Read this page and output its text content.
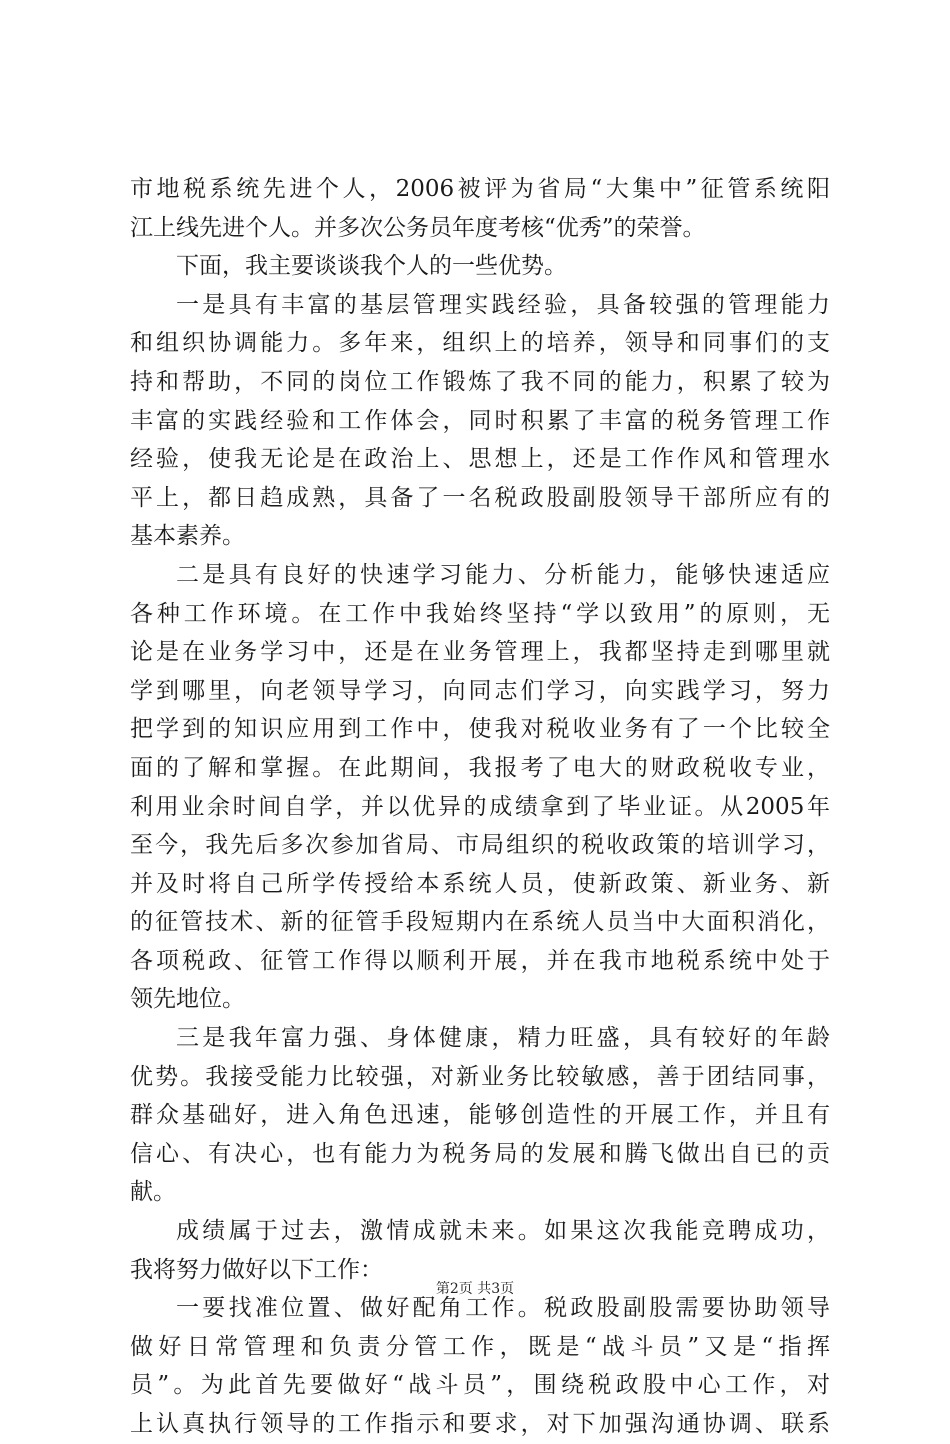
市地税系统先进个人，2006被评为省局“大集中”征管系统阳
江上线先进个人。并多次公务员年度考核“优秀”的荣誉。
下面，我主要谈谈我个人的一些优势。
一是具有丰富的基层管理实践经验，具备较强的管理能力
和组织协调能力。多年来，组织上的培养，领导和同事们的支
持和帮助，不同的岗位工作锻炼了我不同的能力，积累了较为
丰富的实践经验和工作体会，同时积累了丰富的税务管理工作
经验，使我无论是在政治上、思想上，还是工作作风和管理水
平上，都日趋成熟，具备了一名税政股副股领导干部所应有的
基本素养。
二是具有良好的快速学习能力、分析能力，能够快速适应
各种工作环境。在工作中我始终坚持“学以致用”的原则，无
论是在业务学习中，还是在业务管理上，我都坚持走到哪里就
学到哪里，向老领导学习，向同志们学习，向实践学习，努力
把学到的知识应用到工作中，使我对税收业务有了一个比较全
面的了解和掌握。在此期间，我报考了电大的财政税收专业，
利用业余时间自学，并以优异的成绩拿到了毕业证。从2005年
至今，我先后多次参加省局、市局组织的税收政策的培训学习，
并及时将自己所学传授给本系统人员，使新政策、新业务、新
的征管技术、新的征管手段短期内在系统人员当中大面积消化，
各项税政、征管工作得以顺利开展，并在我市地税系统中处于
领先地位。
三是我年富力强、身体健康，精力旺盛，具有较好的年龄
优势。我接受能力比较强，对新业务比较敏感，善于团结同事，
群众基础好，进入角色迅速，能够创造性的开展工作，并且有
信心、有决心，也有能力为税务局的发展和腾飞做出自已的贡
献。
成绩属于过去，激情成就未来。如果这次我能竞聘成功，
我将努力做好以下工作：
一要找准位置、做好配角工作。税政股副股需要协助领导
做好日常管理和负责分管工作，既是“战斗员”又是“指挥
员”。为此首先要做好“战斗员”，围绕税政股中心工作，对
上认真执行领导的工作指示和要求，对下加强沟通协调、联系
第2页 共3页
